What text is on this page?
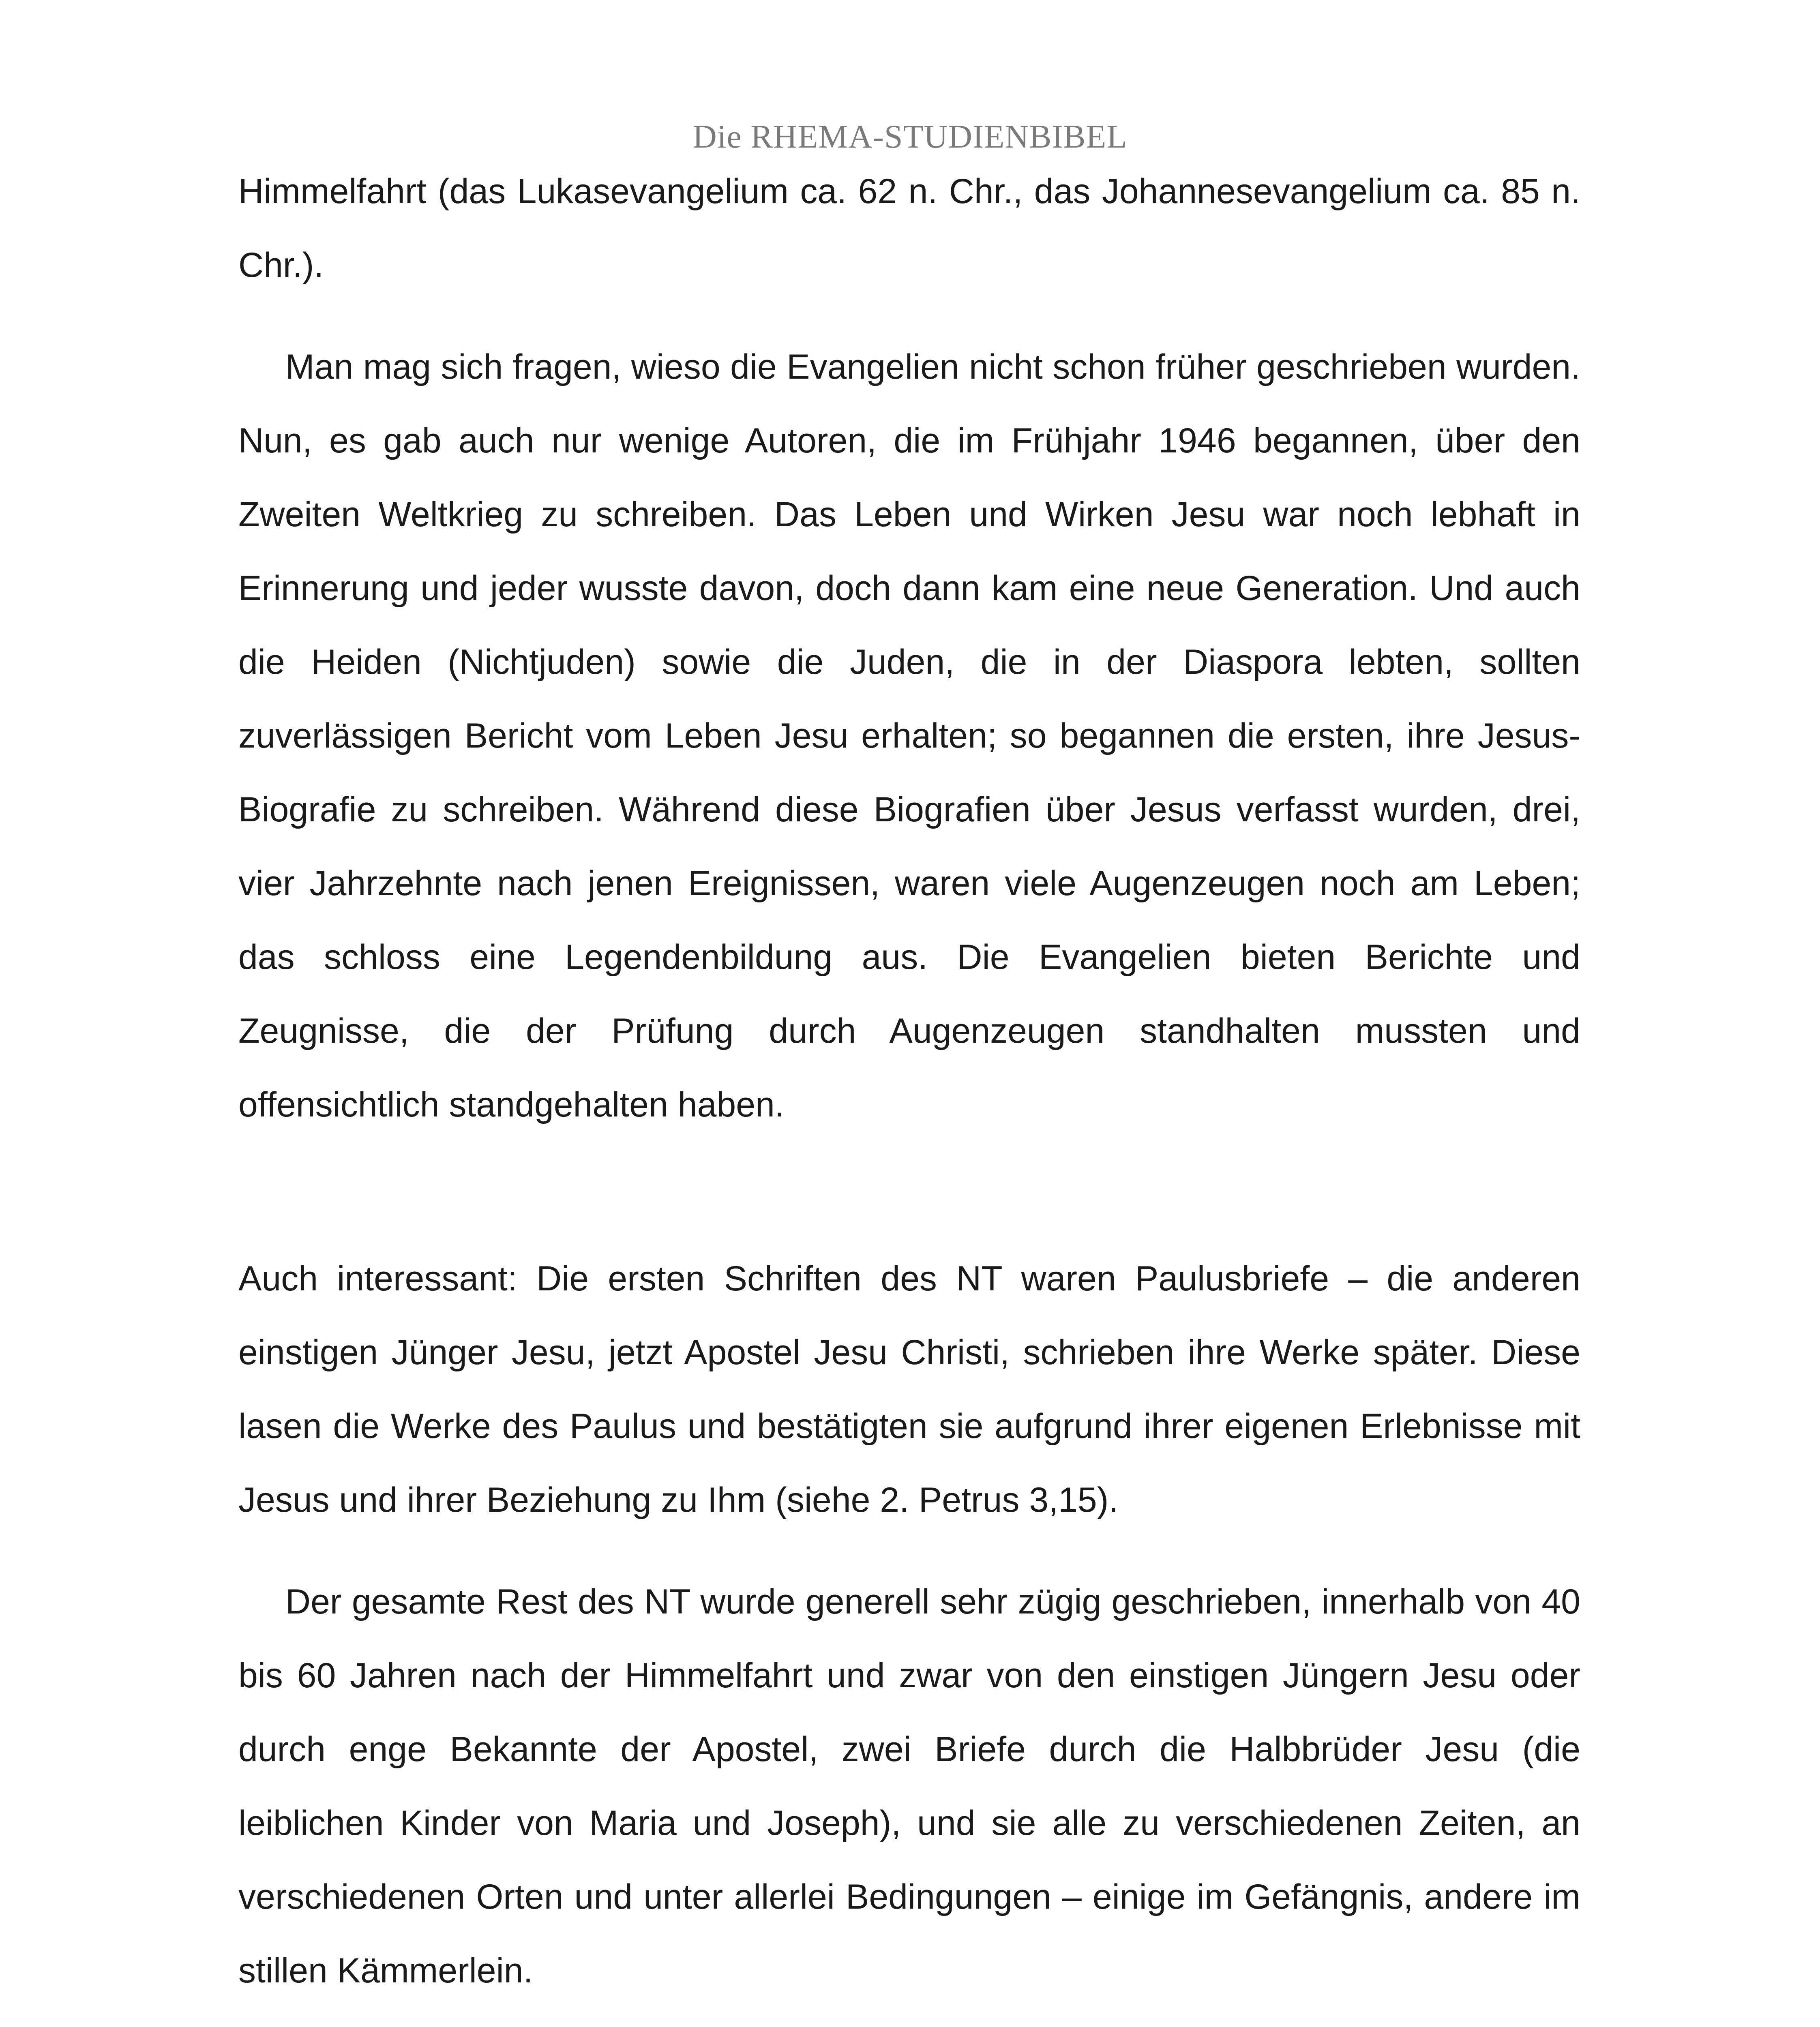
Die RHEMA-STUDIENBIBEL

Himmelfahrt (das Lukasevangelium ca. 62 n. Chr., das Johannesevangelium ca. 85 n. Chr.).

Man mag sich fragen, wieso die Evangelien nicht schon früher geschrieben wurden. Nun, es gab auch nur wenige Autoren, die im Frühjahr 1946 begannen, über den Zweiten Weltkrieg zu schreiben. Das Leben und Wirken Jesu war noch lebhaft in Erinnerung und jeder wusste davon, doch dann kam eine neue Generation. Und auch die Heiden (Nichtjuden) sowie die Juden, die in der Diaspora lebten, sollten zuverlässigen Bericht vom Leben Jesu erhalten; so begannen die ersten, ihre Jesus-Biografie zu schreiben. Während diese Biografien über Jesus verfasst wurden, drei, vier Jahrzehnte nach jenen Ereignissen, waren viele Augenzeugen noch am Leben; das schloss eine Legendenbildung aus. Die Evangelien bieten Berichte und Zeugnisse, die der Prüfung durch Augenzeugen standhalten mussten und offensichtlich standgehalten haben.

Auch interessant: Die ersten Schriften des NT waren Paulusbriefe – die anderen einstigen Jünger Jesu, jetzt Apostel Jesu Christi, schrieben ihre Werke später. Diese lasen die Werke des Paulus und bestätigten sie aufgrund ihrer eigenen Erlebnisse mit Jesus und ihrer Beziehung zu Ihm (siehe 2. Petrus 3,15).

Der gesamte Rest des NT wurde generell sehr zügig geschrieben, innerhalb von 40 bis 60 Jahren nach der Himmelfahrt und zwar von den einstigen Jüngern Jesu oder durch enge Bekannte der Apostel, zwei Briefe durch die Halbbrüder Jesu (die leiblichen Kinder von Maria und Joseph), und sie alle zu verschiedenen Zeiten, an verschiedenen Orten und unter allerlei Bedingungen – einige im Gefängnis, andere im stillen Kämmerlein.
